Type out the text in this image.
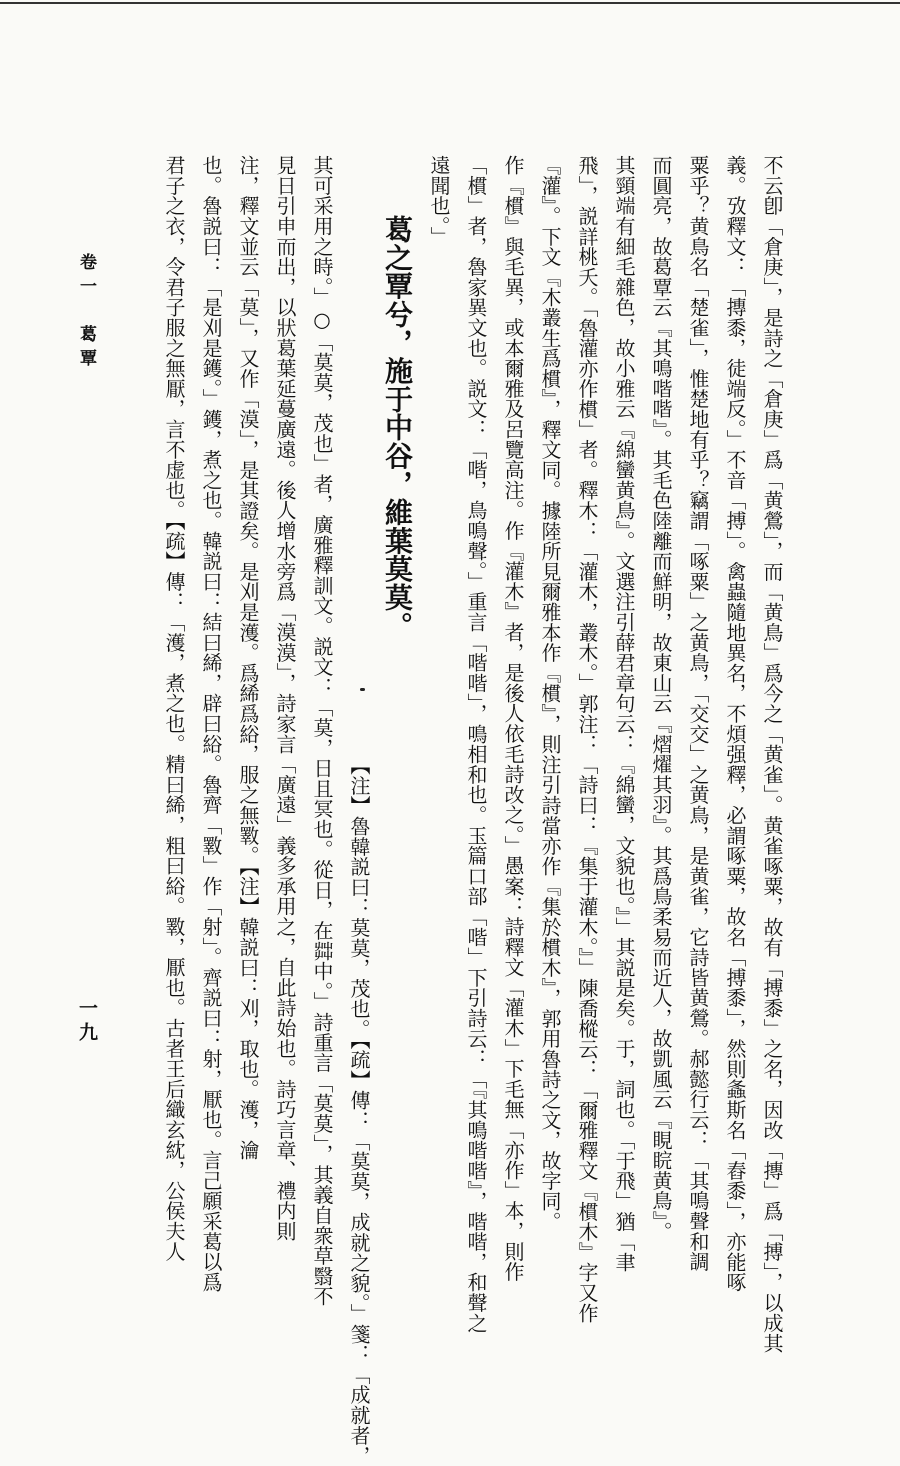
卷一　葛覃
一九	不云卽「倉庚」，是詩之「倉庚」爲「黄鶯」，而「黄鳥」爲今之「黄雀」。黄雀啄粟，故有「搏黍」之名，因改「摶」爲「搏」，以成其
義。攷釋文：「摶黍，徒端反。」不音「搏」。禽蟲隨地異名，不煩强釋，必謂啄粟，故名「搏黍」，然則螽斯名「舂黍」，亦能啄
粟乎？黄鳥名「楚雀」，惟楚地有乎？竊謂「啄粟」之黄鳥，「交交」之黄鳥，是黄雀，它詩皆黄鶯。郝懿行云：「其鳴聲和調
而圓亮，故葛覃云『其鳴喈喈』。其毛色陸離而鮮明，故東山云『熠燿其羽』。其爲鳥柔易而近人，故凱風云『睍睆黄鳥』。
其頸端有細毛雜色，故小雅云『綿蠻黄鳥』。文選注引薛君章句云：『綿蠻，文貌也。』」其説是矣。于，詞也。「于飛」猶「聿
飛」，説詳桃夭。「魯灌亦作樌」者。釋木：「灌木，叢木。」郭注：「詩曰：『集于灌木。』」陳喬樅云：「爾雅釋文『樌木』字又作
『灌』。下文『木叢生爲樌』，釋文同。據陸所見爾雅本作『樌』，則注引詩當亦作『集於樌木』，郭用魯詩之文，故字同。
作『樌』與毛異，或本爾雅及呂覽高注。作『灌木』者，是後人依毛詩改之。」愚案：詩釋文「灌木」下毛無「亦作」本，則作
「樌」者，魯家異文也。説文：「喈，鳥鳴聲。」重言「喈喈」，鳴相和也。玉篇口部「喈」下引詩云：「『其鳴喈喈』，喈喈，和聲之
遠聞也。」
葛之覃兮，施于中谷，維葉莫莫。
【注】魯韓説曰：莫莫，茂也。【疏】傳：「莫莫，成就之貌。」箋：「成就者，
其可采用之時。」○「莫莫，茂也」者，廣雅釋訓文。説文：「莫，日且冥也。從日，在茻中。」詩重言「莫莫」，其義自衆草翳不
見日引申而出，以狀葛葉延蔓廣遠。後人增水旁爲「漠漠」，詩家言「廣遠」義多承用之，自此詩始也。詩巧言章、禮内則
注，釋文並云「莫」，又作「漠」，是其證矣。是刈是濩。爲絺爲綌，服之無斁。【注】韓説曰：刈，取也。濩，瀹
也。魯説曰：「是刈是鑊。」鑊，煮之也。韓説曰：結曰絺，辟曰綌。魯齊「斁」作「射」。齊説曰：射，厭也。言己願采葛以爲
君子之衣，令君子服之無厭，言不虚也。【疏】傳：「濩，煮之也。精曰絺，粗曰綌。斁，厭也。古者王后織玄紞，公侯夫人
